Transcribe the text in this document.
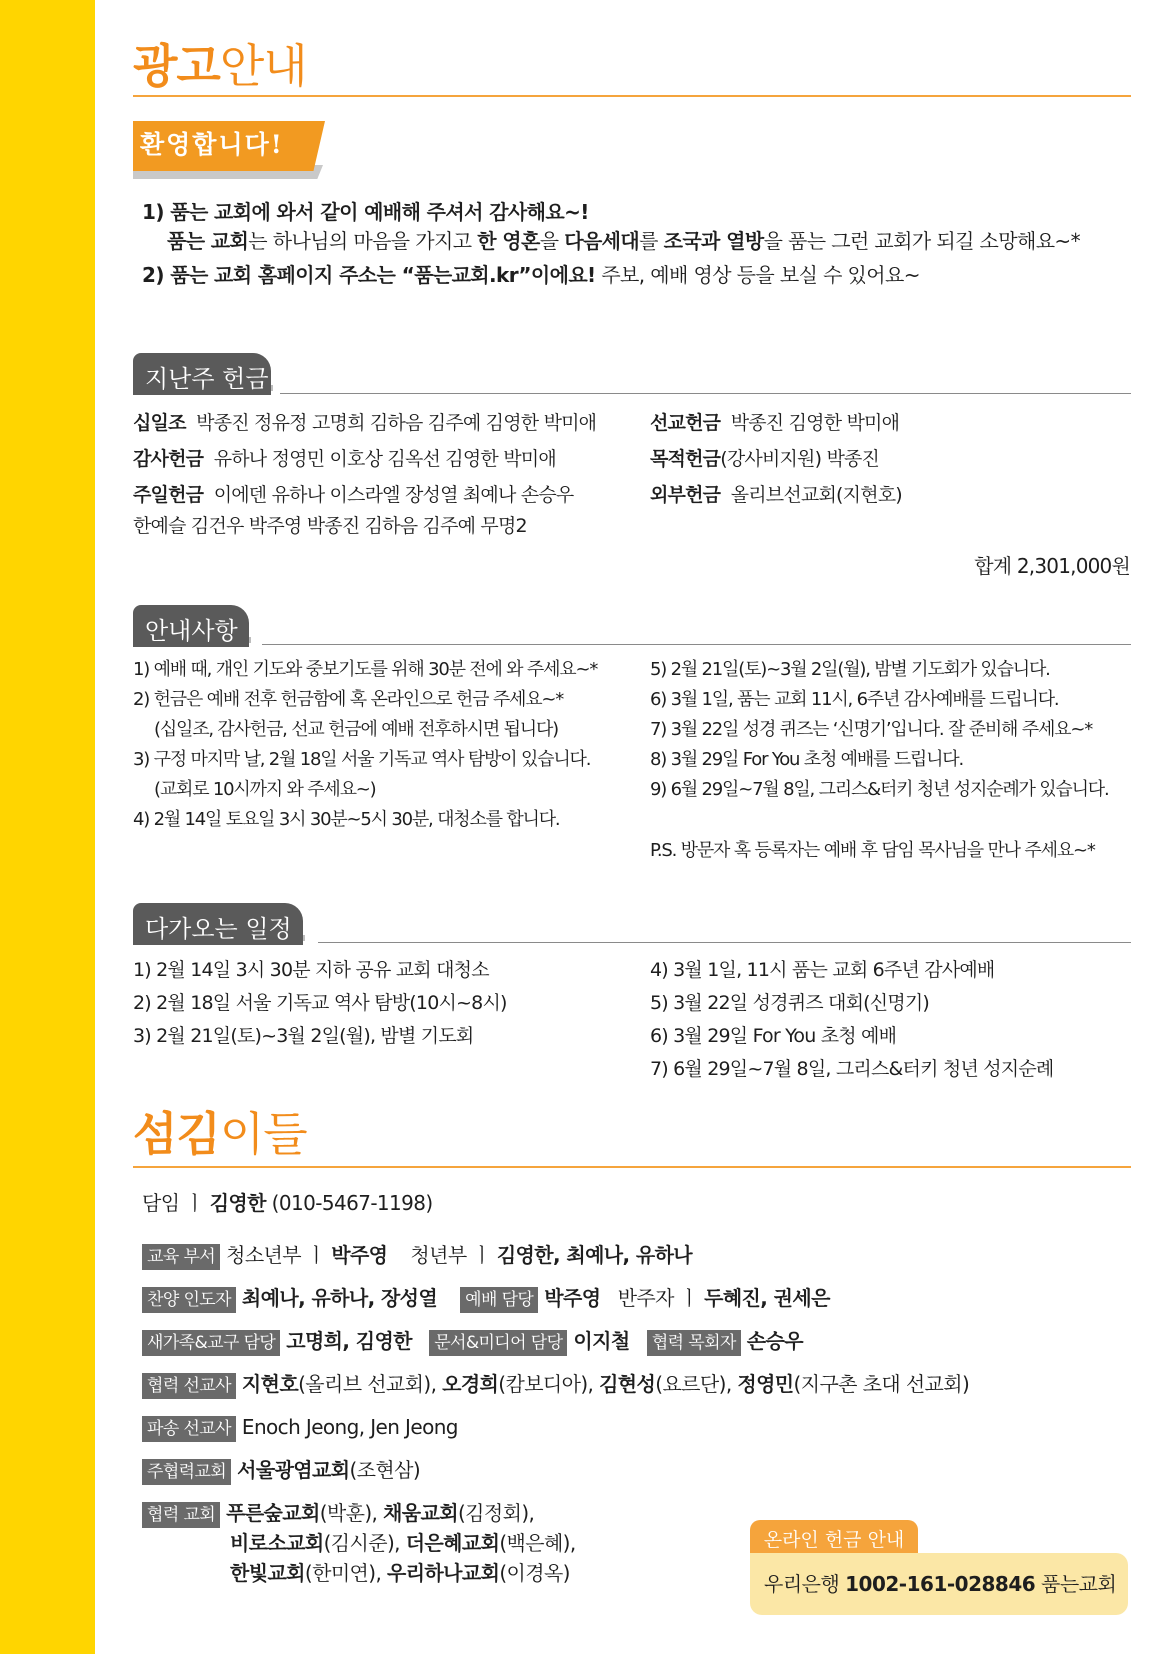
광고안내
환영합니다!
1) 품는 교회에 와서 같이 예배해 주셔서 감사해요~!
품는 교회는 하나님의 마음을 가지고 한 영혼을 다음세대를 조국과 열방을 품는 그런 교회가 되길 소망해요~*
2) 품는 교회 홈페이지 주소는 “품는교회.kr”이에요! 주보, 예배 영상 등을 보실 수 있어요~
지난주 헌금
십일조 박종진 정유정 고명희 김하음 김주예 김영한 박미애
감사헌금 유하나 정영민 이호상 김옥선 김영한 박미애
주일헌금 이에덴 유하나 이스라엘 장성열 최예나 손승우
한예슬 김건우 박주영 박종진 김하음 김주예 무명2
선교헌금 박종진 김영한 박미애
목적헌금(강사비지원) 박종진
외부헌금 올리브선교회(지현호)
합계 2,301,000원
안내사항
1) 예배 때, 개인 기도와 중보기도를 위해 30분 전에 와 주세요~*
2) 헌금은 예배 전후 헌금함에 혹 온라인으로 헌금 주세요~*
(십일조, 감사헌금, 선교 헌금에 예배 전후하시면 됩니다)
3) 구정 마지막 날, 2월 18일 서울 기독교 역사 탐방이 있습니다.
(교회로 10시까지 와 주세요~)
4) 2월 14일 토요일 3시 30분~5시 30분, 대청소를 합니다.
5) 2월 21일(토)~3월 2일(월), 밤별 기도회가 있습니다.
6) 3월 1일, 품는 교회 11시, 6주년 감사예배를 드립니다.
7) 3월 22일 성경 퀴즈는 ‘신명기’입니다. 잘 준비해 주세요~*
8) 3월 29일 For You 초청 예배를 드립니다.
9) 6월 29일~7월 8일, 그리스&터키 청년 성지순례가 있습니다.
P.S. 방문자 혹 등록자는 예배 후 담임 목사님을 만나 주세요~*
다가오는 일정
1) 2월 14일 3시 30분 지하 공유 교회 대청소
2) 2월 18일 서울 기독교 역사 탐방(10시~8시)
3) 2월 21일(토)~3월 2일(월), 밤별 기도회
4) 3월 1일, 11시 품는 교회 6주년 감사예배
5) 3월 22일 성경퀴즈 대회(신명기)
6) 3월 29일 For You 초청 예배
7) 6월 29일~7월 8일, 그리스&터키 청년 성지순례
섬김이들
담임 ㅣ 김영한 (010-5467-1198)
교육 부서 청소년부 ㅣ 박주영 청년부 ㅣ 김영한, 최예나, 유하나
찬양 인도자 최예나, 유하나, 장성열 예배 담당 박주영 반주자 ㅣ 두혜진, 권세은
새가족&교구 담당 고명희, 김영한 문서&미디어 담당 이지철 협력 목회자 손승우
협력 선교사 지현호(올리브 선교회), 오경희(캄보디아), 김현성(요르단), 정영민(지구촌 초대 선교회)
파송 선교사 Enoch Jeong, Jen Jeong
주협력교회 서울광염교회(조현삼)
협력 교회 푸른숲교회(박훈), 채움교회(김정회),
비로소교회(김시준), 더은혜교회(백은혜),
한빛교회(한미연), 우리하나교회(이경옥)
온라인 헌금 안내
우리은행 1002-161-028846 품는교회
